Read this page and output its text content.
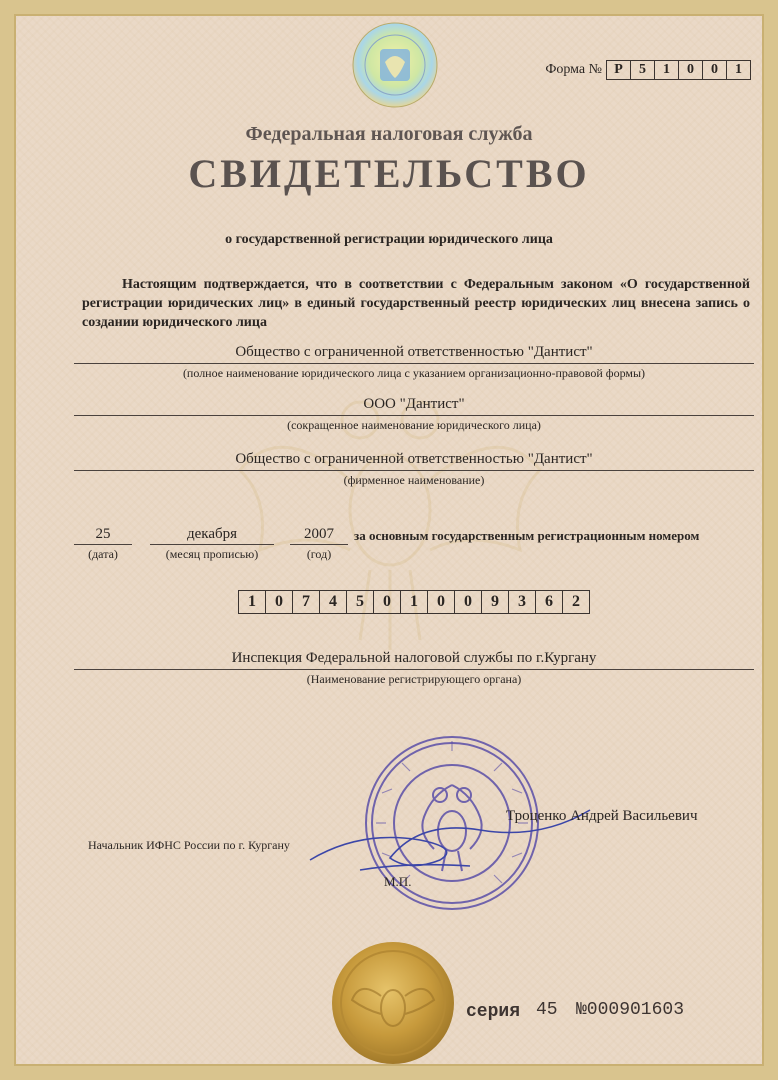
Форма № Р	5	1	0	0	1
Федеральная налоговая служба
СВИДЕТЕЛЬСТВО
о государственной регистрации юридического лица
Настоящим подтверждается, что в соответствии с Федеральным законом «О государственной регистрации юридических лиц» в единый государственный реестр юридических лиц внесена запись о создании юридического лица
Общество с ограниченной ответственностью "Дантист"
(полное наименование юридического лица с указанием организационно-правовой формы)
ООО "Дантист"
(сокращенное наименование юридического лица)
Общество с ограниченной ответственностью "Дантист"
(фирменное наименование)
25
(дата)
декабря
(месяц прописью)
2007
(год)
за основным государственным регистрационным номером
1	0	7	4	5	0	1	0	0	9	3	6	2
Инспекция Федеральной налоговой службы по г.Кургану
(Наименование регистрирующего органа)
Начальник ИФНС России по г. Кургану
Троценко Андрей Васильевич
М.П.
серия 45 №000901603
